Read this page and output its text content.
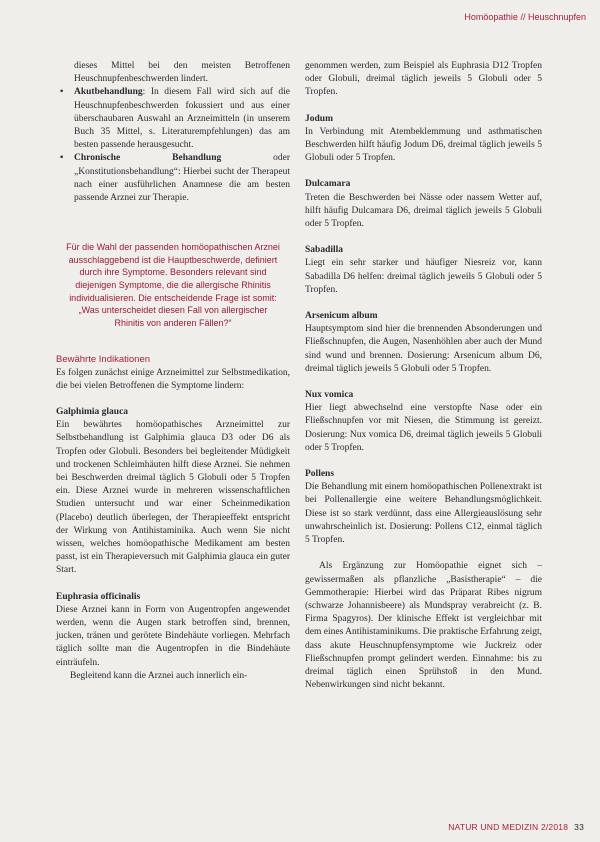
Homöopathie // Heuschnupfen

dieses Mittel bei den meisten Betroffenen Heuschnupfenbeschwerden lindert.

• Akutbehandlung: In diesem Fall wird sich auf die Heuschnupfenbeschwerden fokussiert und aus einer überschaubaren Auswahl an Arzneimitteln (in unserem Buch 35 Mittel, s. Literaturempfehlungen) das am besten passende herausgesucht.
• Chronische Behandlung oder „Konstitutionsbehandlung“: Hierbei sucht der Therapeut nach einer ausführlichen Anamnese die am besten passende Arznei zur Therapie.
Für die Wahl der passenden homöopathischen Arznei ausschlaggebend ist die Hauptbeschwerde, definiert durch ihre Symptome. Besonders relevant sind diejenigen Symptome, die die allergische Rhinitis individualisieren. Die entscheidende Frage ist somit: „Was unterscheidet diesen Fall von allergischer Rhinitis von anderen Fällen?“
Bewährte Indikationen

Es folgen zunächst einige Arzneimittel zur Selbstmedikation, die bei vielen Betroffenen die Symptome lindern:

Galphimia glauca

Ein bewährtes homöopathisches Arzneimittel zur Selbstbehandlung ist Galphimia glauca D3 oder D6 als Tropfen oder Globuli. Besonders bei begleitender Müdigkeit und trockenen Schleimhäuten hilft diese Arznei. Sie nehmen bei Beschwerden dreimal täglich 5 Globuli oder 5 Tropfen ein. Diese Arznei wurde in mehreren wissenschaftlichen Studien untersucht und war einer Scheinmedikation (Placebo) deutlich überlegen, der Therapieeffekt entspricht der Wirkung von Antihistaminika. Auch wenn Sie nicht wissen, welches homöopathische Medikament am besten passt, ist ein Therapieversuch mit Galphimia glauca ein guter Start.

Euphrasia officinalis

Diese Arznei kann in Form von Augentropfen angewendet werden, wenn die Augen stark betroffen sind, brennen, jucken, tränen und gerötete Bindehäute vorliegen. Mehrfach täglich sollte man die Augentropfen in die Bindehäute einträufeln.

Begleitend kann die Arznei auch innerlich ein-

genommen werden, zum Beispiel als Euphrasia D12 Tropfen oder Globuli, dreimal täglich jeweils 5 Globuli oder 5 Tropfen.

Jodum

In Verbindung mit Atembeklemmung und asthmatischen Beschwerden hilft häufig Jodum D6, dreimal täglich jeweils 5 Globuli oder 5 Tropfen.

Dulcamara

Treten die Beschwerden bei Nässe oder nassem Wetter auf, hilft häufig Dulcamara D6, dreimal täglich jeweils 5 Globuli oder 5 Tropfen.

Sabadilla

Liegt ein sehr starker und häufiger Niesreiz vor, kann Sabadilla D6 helfen: dreimal täglich jeweils 5 Globuli oder 5 Tropfen.

Arsenicum album

Hauptsymptom sind hier die brennenden Absonderungen und Fließschnupfen, die Augen, Nasenhöhlen aber auch der Mund sind wund und brennen. Dosierung: Arsenicum album D6, dreimal täglich jeweils 5 Globuli oder 5 Tropfen.

Nux vomica

Hier liegt abwechselnd eine verstopfte Nase oder ein Fließschnupfen vor mit Niesen, die Stimmung ist gereizt. Dosierung: Nux vomica D6, dreimal täglich jeweils 5 Globuli oder 5 Tropfen.

Pollens

Die Behandlung mit einem homöopathischen Pollenextrakt ist bei Pollenallergie eine weitere Behandlungsmöglichkeit. Diese ist so stark verdünnt, dass eine Allergieauslösung sehr unwahrscheinlich ist. Dosierung: Pollens C12, einmal täglich 5 Tropfen.

Als Ergänzung zur Homöopathie eignet sich – gewissermaßen als pflanzliche „Basistherapie“ – die Gemmotherapie: Hierbei wird das Präparat Ribes nigrum (schwarze Johannisbeere) als Mundspray verabreicht (z. B. Firma Spagyros). Der klinische Effekt ist vergleichbar mit dem eines Antihistaminikums. Die praktische Erfahrung zeigt, dass akute Heuschnupfensymptome wie Juckreiz oder Fließschnupfen prompt gelindert werden. Einnahme: bis zu dreimal täglich einen Sprühstoß in den Mund. Nebenwirkungen sind nicht bekannt.

NATUR UND MEDIZIN 2/2018 33
